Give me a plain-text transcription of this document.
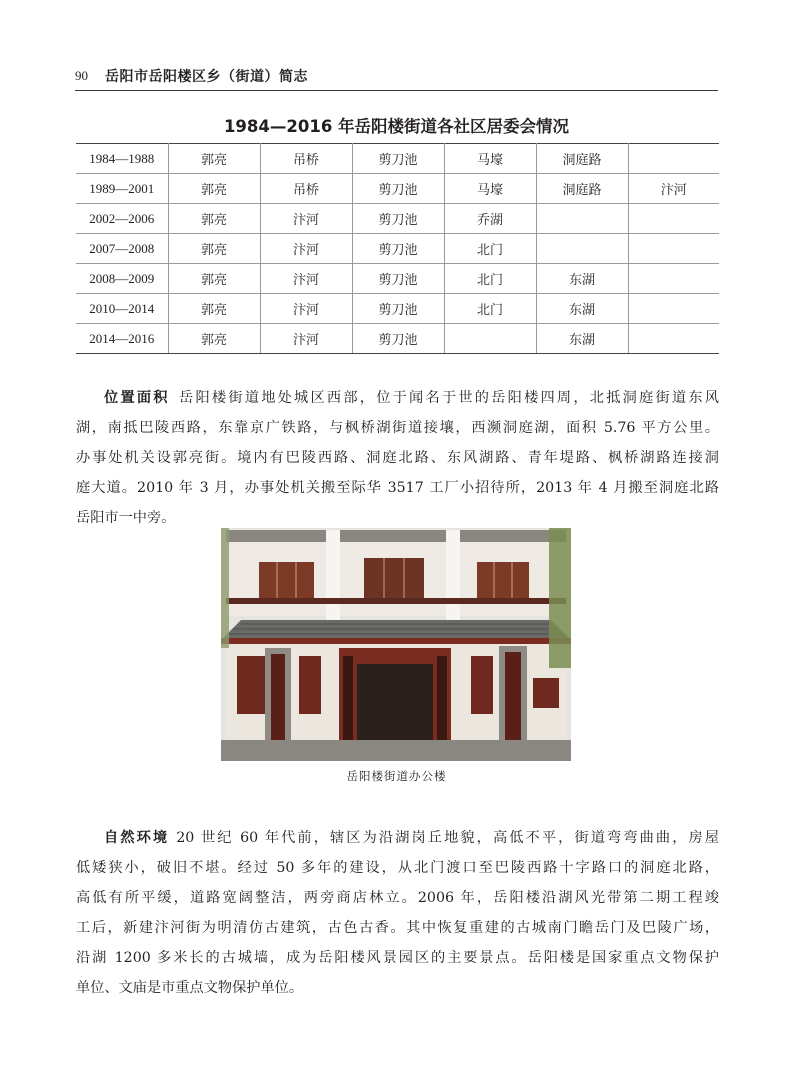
90 岳阳市岳阳楼区乡（街道）简志
1984—2016 年岳阳楼街道各社区居委会情况
1984—1988	郭亮	吊桥	剪刀池	马壕	洞庭路	
1989—2001	郭亮	吊桥	剪刀池	马壕	洞庭路	汴河
2002—2006	郭亮	汴河	剪刀池	乔湖		
2007—2008	郭亮	汴河	剪刀池	北门		
2008—2009	郭亮	汴河	剪刀池	北门	东湖	
2010—2014	郭亮	汴河	剪刀池	北门	东湖	
2014—2016	郭亮	汴河	剪刀池		东湖	

位置面积  岳阳楼街道地处城区西部，位于闻名于世的岳阳楼四周，北抵洞庭街道东风
湖，南抵巴陵西路，东靠京广铁路，与枫桥湖街道接壤，西濒洞庭湖，面积 5.76 平方公里。
办事处机关设郭亮街。境内有巴陵西路、洞庭北路、东风湖路、青年堤路、枫桥湖路连接洞
庭大道。2010 年 3 月，办事处机关搬至际华 3517 工厂小招待所，2013 年 4 月搬至洞庭北路
岳阳市一中旁。

岳阳楼街道办公楼

自然环境  20 世纪 60 年代前，辖区为沿湖岗丘地貌，高低不平，街道弯弯曲曲，房屋
低矮狭小，破旧不堪。经过 50 多年的建设，从北门渡口至巴陵西路十字路口的洞庭北路，
高低有所平缓，道路宽阔整洁，两旁商店林立。2006 年，岳阳楼沿湖风光带第二期工程竣
工后，新建汴河街为明清仿古建筑，古色古香。其中恢复重建的古城南门瞻岳门及巴陵广场，
沿湖 1200 多米长的古城墙，成为岳阳楼风景园区的主要景点。岳阳楼是国家重点文物保护
单位、文庙是市重点文物保护单位。
